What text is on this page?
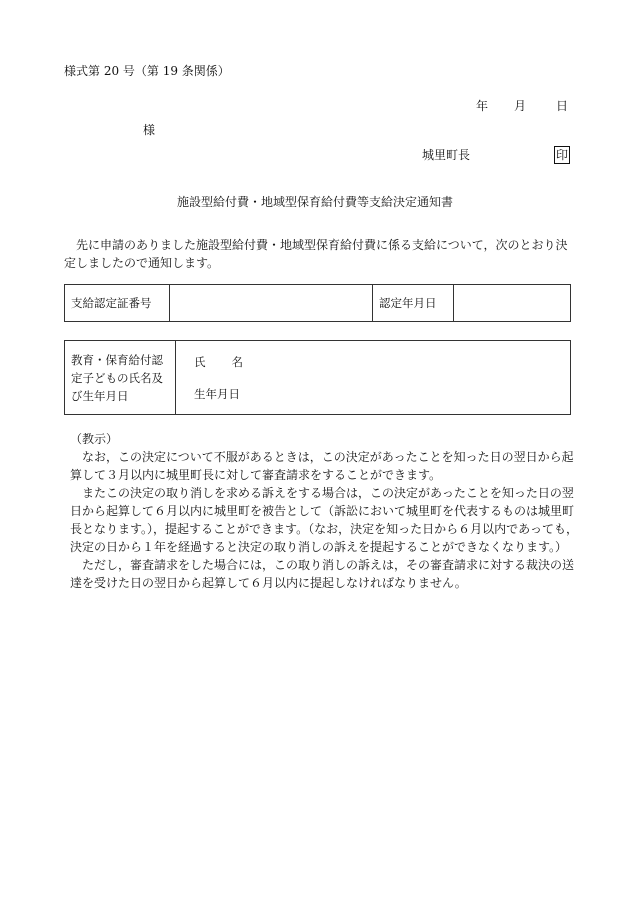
様式第 20 号（第 19 条関係）
年 月	日
様
城里町長	印
施設型給付費・地域型保育給付費等支給決定通知書
先に申請のありました施設型給付費・地域型保育給付費に係る支給について，次のとおり決定しましたので通知します。
支給認定証番号		認定年月日	
教育・保育給付認定子どもの氏名及び生年月日	
氏 名
生年月日
（教示）

なお，この決定について不服があるときは，この決定があったことを知った日の翌日から起算して３月以内に城里町長に対して審査請求をすることができます。

またこの決定の取り消しを求める訴えをする場合は，この決定があったことを知った日の翌日から起算して６月以内に城里町を被告として（訴訟において城里町を代表するものは城里町長となります。），提起することができます。（なお，決定を知った日から６月以内であっても，決定の日から１年を経過すると決定の取り消しの訴えを提起することができなくなります。）

ただし，審査請求をした場合には，この取り消しの訴えは，その審査請求に対する裁決の送達を受けた日の翌日から起算して６月以内に提起しなければなりません。
